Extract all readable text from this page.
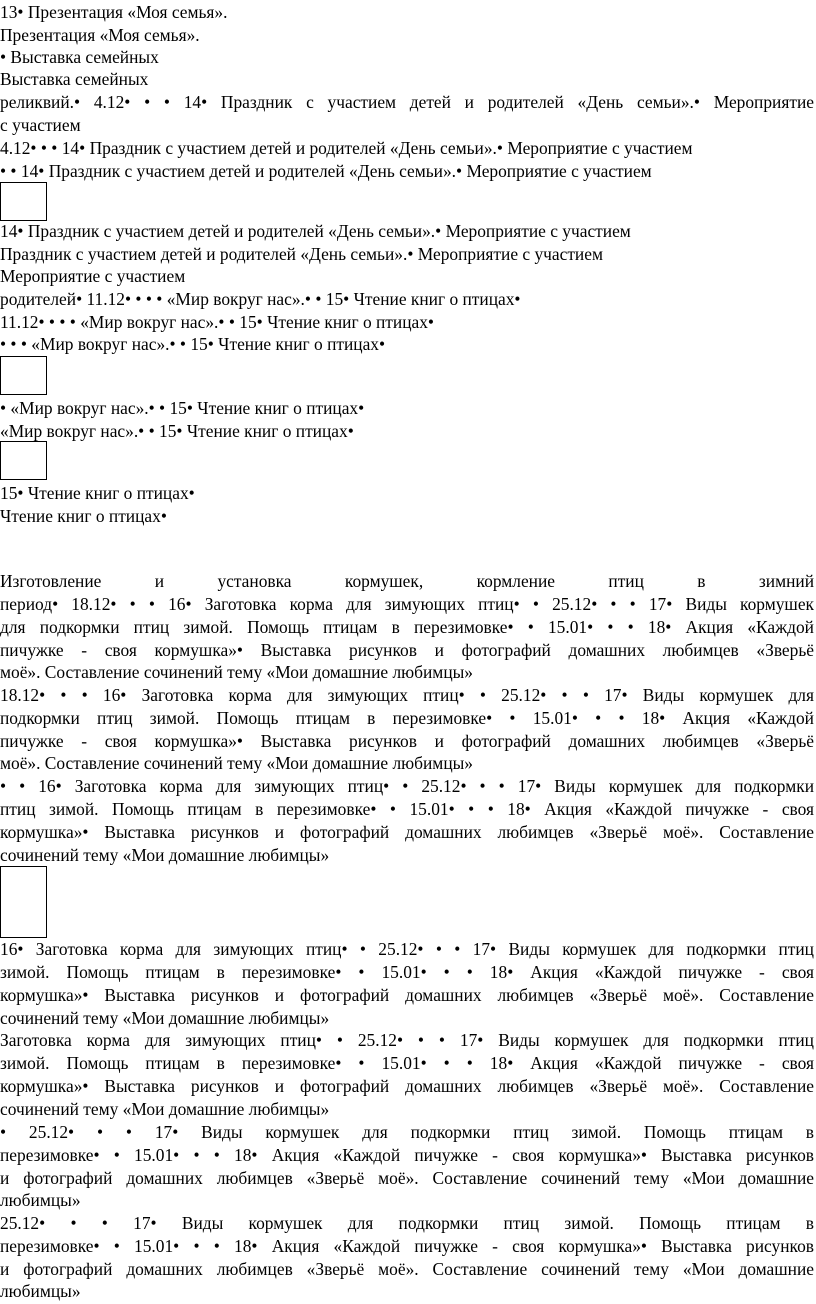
13• Презентация «Моя семья».
Презентация «Моя семья».
• Выставка семейных
Выставка семейных
реликвий.• 4.12• • • 14• Праздник с участием детей и родителей «День семьи».• Мероприятие
с участием
4.12• • • 14• Праздник с участием детей и родителей «День семьи».• Мероприятие с участием
• • 14• Праздник с участием детей и родителей «День семьи».• Мероприятие с участием
14• Праздник с участием детей и родителей «День семьи».• Мероприятие с участием
Праздник с участием детей и родителей «День семьи».• Мероприятие с участием
Мероприятие с участием
родителей• 11.12• • • • «Мир вокруг нас».• • 15• Чтение книг о птицах•
11.12• • • • «Мир вокруг нас».• • 15• Чтение книг о птицах•
• • • «Мир вокруг нас».• • 15• Чтение книг о птицах•
• «Мир вокруг нас».• • 15• Чтение книг о птицах•
«Мир вокруг нас».• • 15• Чтение книг о птицах•
15• Чтение книг о птицах•
Чтение книг о птицах•
Изготовление и установка кормушек, кормление птиц в зимний
период• 18.12• • • 16• Заготовка корма для зимующих птиц• • 25.12• • • 17• Виды кормушек
для подкормки птиц зимой. Помощь птицам в перезимовке• • 15.01• • • 18• Акция «Каждой
пичужке - своя кормушка»• Выставка рисунков и фотографий домашних любимцев «Зверьё
моё». Составление сочинений тему «Мои домашние любимцы»
18.12• • • 16• Заготовка корма для зимующих птиц• • 25.12• • • 17• Виды кормушек для
подкормки птиц зимой. Помощь птицам в перезимовке• • 15.01• • • 18• Акция «Каждой
пичужке - своя кормушка»• Выставка рисунков и фотографий домашних любимцев «Зверьё
моё». Составление сочинений тему «Мои домашние любимцы»
• • 16• Заготовка корма для зимующих птиц• • 25.12• • • 17• Виды кормушек для подкормки
птиц зимой. Помощь птицам в перезимовке• • 15.01• • • 18• Акция «Каждой пичужке - своя
кормушка»• Выставка рисунков и фотографий домашних любимцев «Зверьё моё». Составление
сочинений тему «Мои домашние любимцы»
16• Заготовка корма для зимующих птиц• • 25.12• • • 17• Виды кормушек для подкормки птиц
зимой. Помощь птицам в перезимовке• • 15.01• • • 18• Акция «Каждой пичужке - своя
кормушка»• Выставка рисунков и фотографий домашних любимцев «Зверьё моё». Составление
сочинений тему «Мои домашние любимцы»
Заготовка корма для зимующих птиц• • 25.12• • • 17• Виды кормушек для подкормки птиц
зимой. Помощь птицам в перезимовке• • 15.01• • • 18• Акция «Каждой пичужке - своя
кормушка»• Выставка рисунков и фотографий домашних любимцев «Зверьё моё». Составление
сочинений тему «Мои домашние любимцы»
• 25.12• • • 17• Виды кормушек для подкормки птиц зимой. Помощь птицам в
перезимовке• • 15.01• • • 18• Акция «Каждой пичужке - своя кормушка»• Выставка рисунков
и фотографий домашних любимцев «Зверьё моё». Составление сочинений тему «Мои домашние
любимцы»
25.12• • • 17• Виды кормушек для подкормки птиц зимой. Помощь птицам в
перезимовке• • 15.01• • • 18• Акция «Каждой пичужке - своя кормушка»• Выставка рисунков
и фотографий домашних любимцев «Зверьё моё». Составление сочинений тему «Мои домашние
любимцы»
